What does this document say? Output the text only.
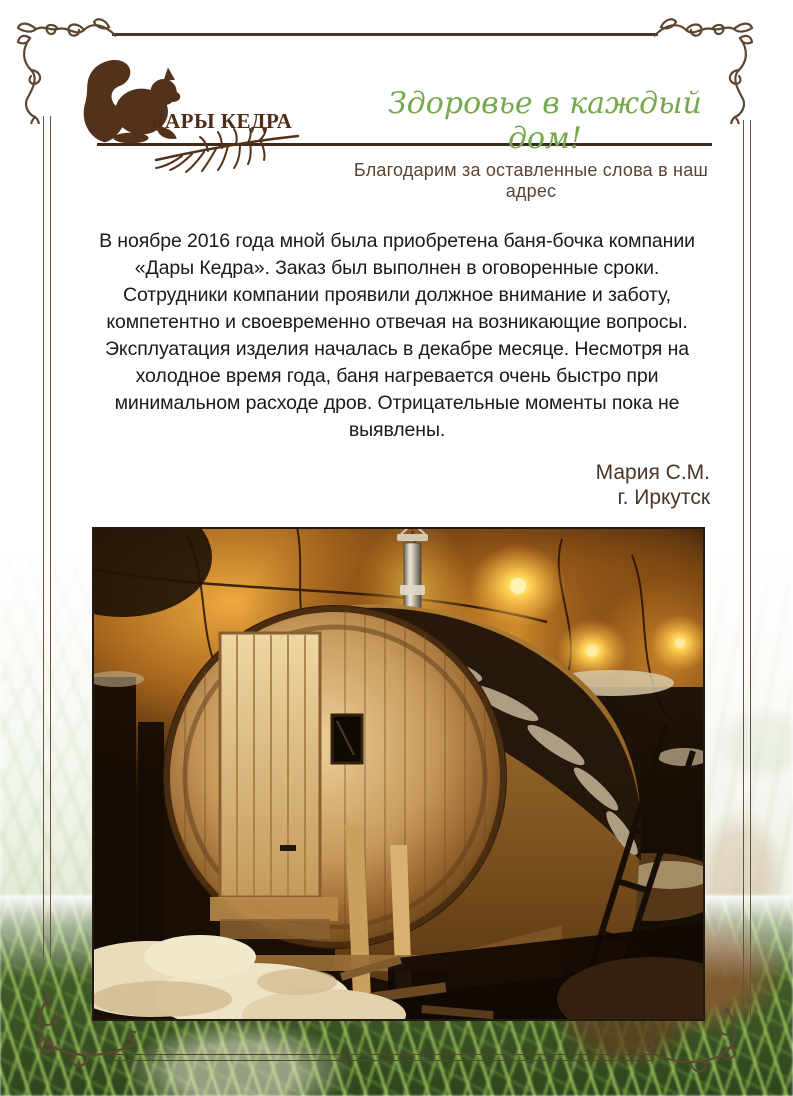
ДАРЫ КЕДРА	Здоровье в каждый дом!
Благодарим за оставленные слова в наш адрес

В ноябре 2016 года мной была приобретена баня-бочка компании «Дары Кедра». Заказ был выполнен в оговоренные сроки. Сотрудники компании проявили должное внимание и заботу, компетентно и своевременно отвечая на возникающие вопросы. Эксплуатация изделия началась в декабре месяце. Несмотря на холодное время года, баня нагревается очень быстро при минимальном расходе дров. Отрицательные моменты пока не выявлены.

Мария С.М.
г. Иркутск
